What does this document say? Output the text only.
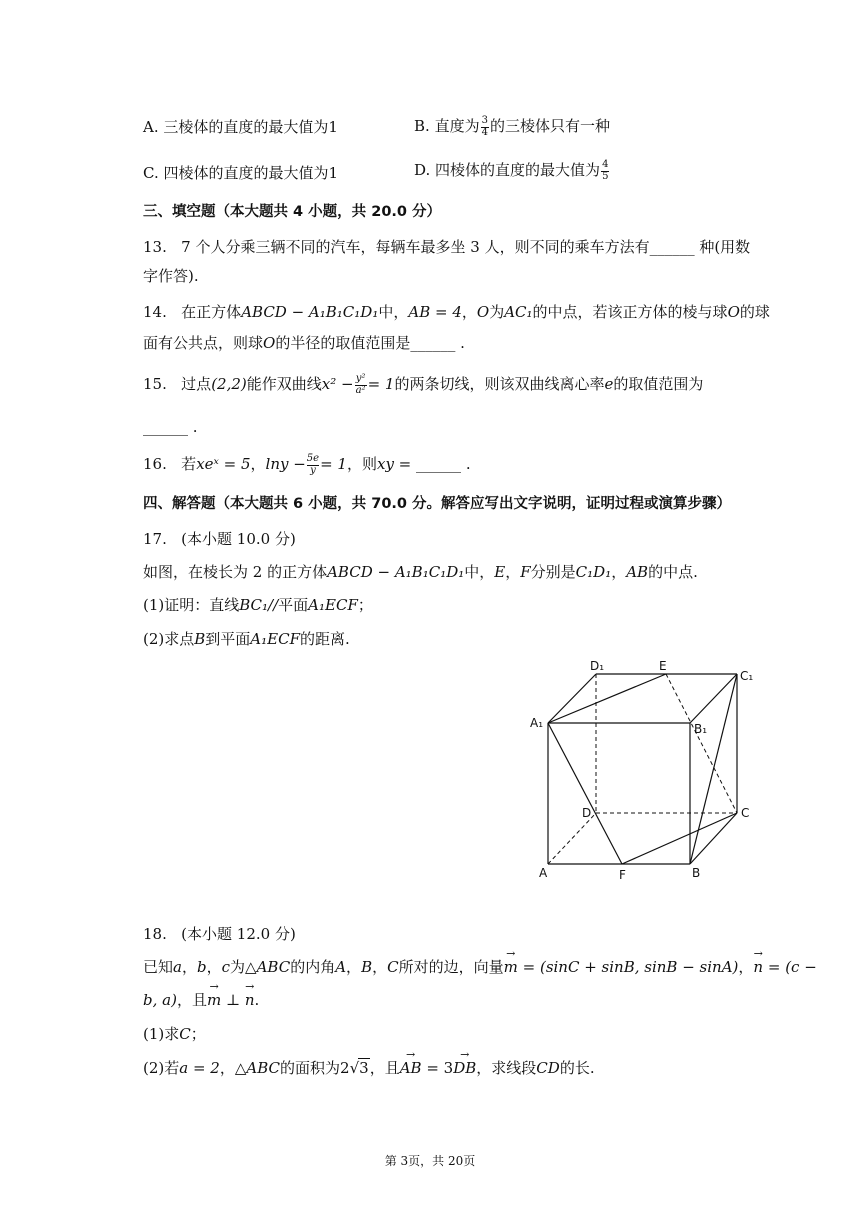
A. 三棱体的直度的最大值为1	B. 直度为 $\frac{3}{4}$ 的三棱体只有一种
C. 四棱体的直度的最大值为1	D. 四棱体的直度的最大值为 $\frac{4}{5}$
三、填空题（本大题共 4 小题，共 20.0 分）
13. 7 个人分乘三辆不同的汽车，每辆车最多坐 3 人，则不同的乘车方法有______ 种(用数
字作答).
14. 在正方体ABCD − A₁B₁C₁D₁中，AB = 4，O为AC₁的中点，若该正方体的棱与球O的球
面有公共点，则球O的半径的取值范围是______ .
15. 过点(2,2)能作双曲线$x^2 - \frac{\text{y²}}{\text{a²}} = 1$的两条切线，则该双曲线离心率e的取值范围为
______ .
16. 若xeˣ = 5，$\ln y - \frac{5e}{y} = 1$，则xy = ______ .
四、解答题（本大题共 6 小题，共 70.0 分。解答应写出文字说明，证明过程或演算步骤）
17. (本小题 10.0 分)
如图，在棱长为 2 的正方体ABCD − A₁B₁C₁D₁中，E，F分别是C₁D₁，AB的中点.
(1)证明：直线BC₁//平面A₁ECF；
(2)求点B到平面A₁ECF的距离.
D₁	E
C₁
A₁	B₁
D	C
A	F	B
18. (本小题 12.0 分)
已知a，b，c为△ABC的内角A，B，C所对的边，向量→ m = (sinC + sinB, sinB − sinA)，→ n = (c −
b, a)，且→ m ⊥ → n.
(1)求C；
(2)若a = 2，△ABC的面积为2√3，且→ AB = 3→ DB，求线段CD的长.
第 3页，共 20页
